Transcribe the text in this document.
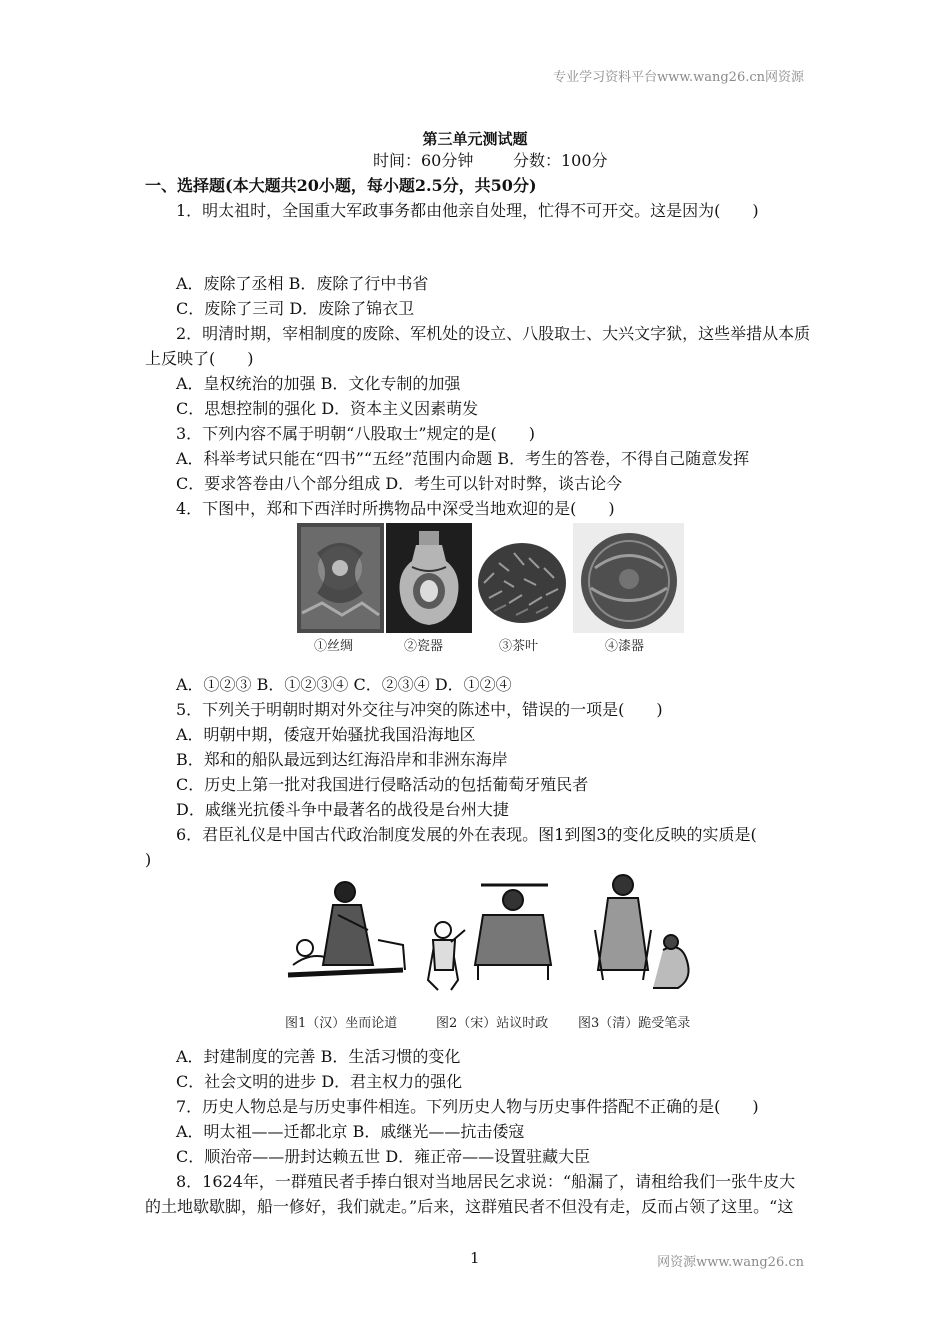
专业学习资料平台www.wang26.cn网资源
第三单元测试题
时间：60分钟 分数：100分
一、选择题(本大题共20小题，每小题2.5分，共50分)
1．明太祖时，全国重大军政事务都由他亲自处理，忙得不可开交。这是因为(　　)
A．废除了丞相 B．废除了行中书省
C．废除了三司 D．废除了锦衣卫
2．明清时期，宰相制度的废除、军机处的设立、八股取士、大兴文字狱，这些举措从本质
上反映了(　　)
A．皇权统治的加强 B．文化专制的加强
C．思想控制的强化 D．资本主义因素萌发
3．下列内容不属于明朝“八股取士”规定的是(　　)
A．科举考试只能在“四书”“五经”范围内命题 B．考生的答卷，不得自己随意发挥
C．要求答卷由八个部分组成 D．考生可以针对时弊，谈古论今
4．下图中，郑和下西洋时所携物品中深受当地欢迎的是(　　)
①丝绸	②瓷器	③茶叶	④漆器
A．①②③ B．①②③④ C．②③④ D．①②④
5．下列关于明朝时期对外交往与冲突的陈述中，错误的一项是(　　)
A．明朝中期，倭寇开始骚扰我国沿海地区
B．郑和的船队最远到达红海沿岸和非洲东海岸
C．历史上第一批对我国进行侵略活动的包括葡萄牙殖民者
D．戚继光抗倭斗争中最著名的战役是台州大捷
6．君臣礼仪是中国古代政治制度发展的外在表现。图1到图3的变化反映的实质是(
)
图1（汉）坐而论道	图2（宋）站议时政 图3（清）跪受笔录
A．封建制度的完善 B．生活习惯的变化
C．社会文明的进步 D．君主权力的强化
7．历史人物总是与历史事件相连。下列历史人物与历史事件搭配不正确的是(　　)
A．明太祖——迁都北京 B．戚继光——抗击倭寇
C．顺治帝——册封达赖五世 D．雍正帝——设置驻藏大臣
8．1624年，一群殖民者手捧白银对当地居民乞求说：“船漏了，请租给我们一张牛皮大
的土地歇歇脚，船一修好，我们就走。”后来，这群殖民者不但没有走，反而占领了这里。“这
1	网资源www.wang26.cn
